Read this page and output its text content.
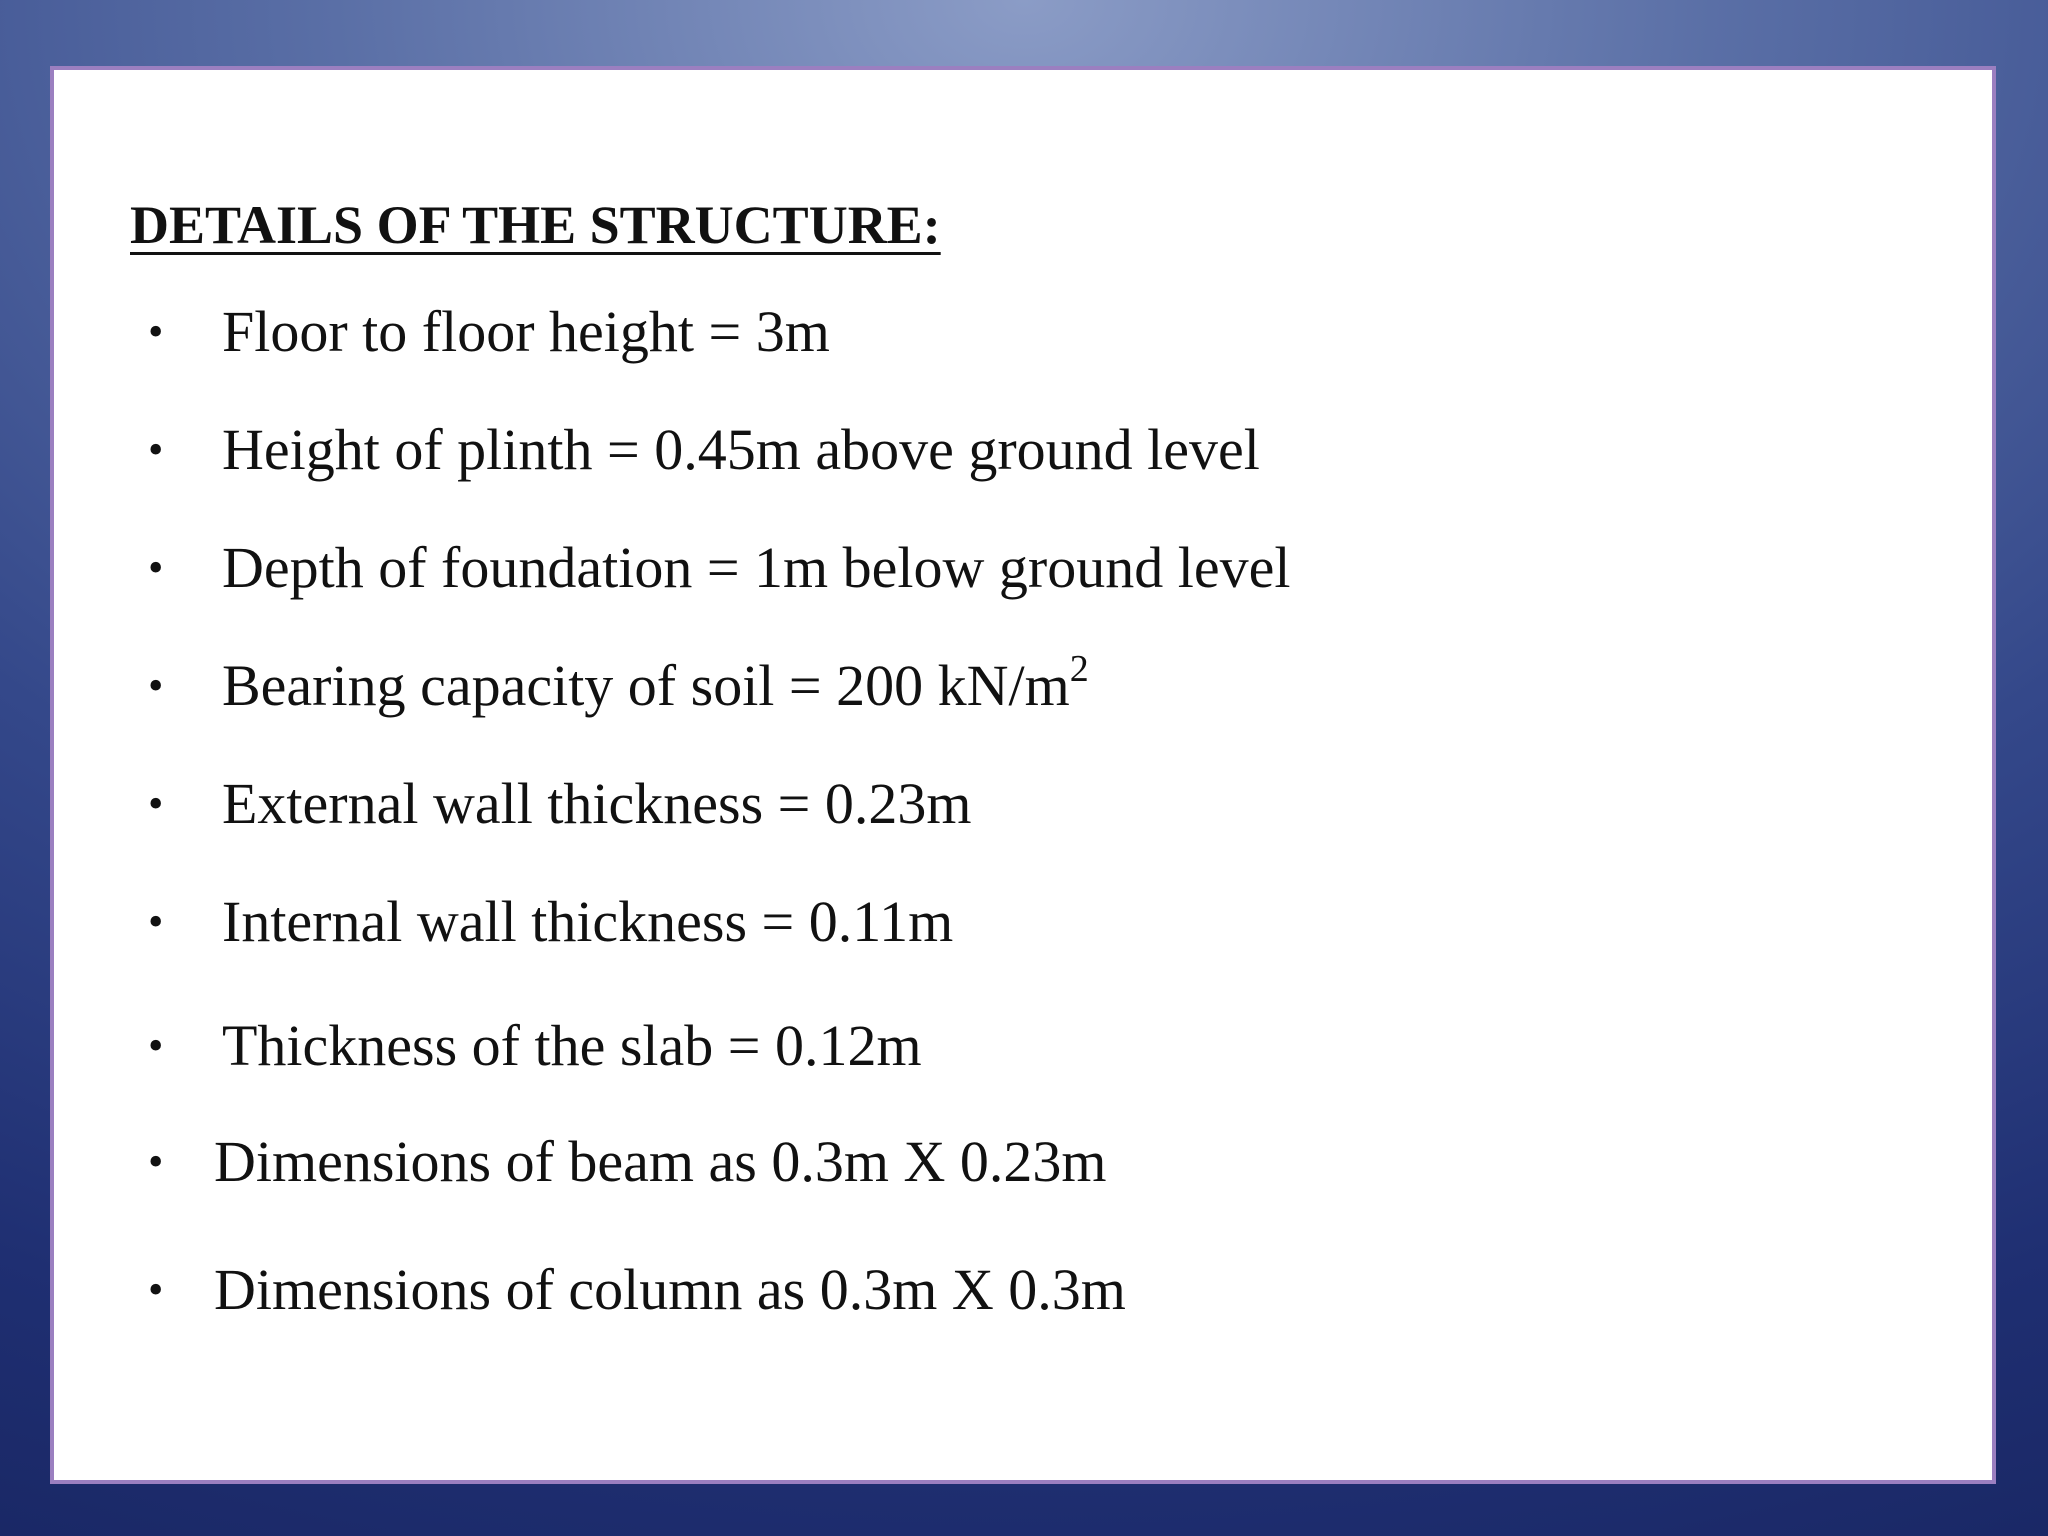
DETAILS OF THE STRUCTURE:
• Floor to floor height = 3m
• Height of plinth = 0.45m above ground level
• Depth of foundation = 1m below ground level
• Bearing capacity of soil = 200 $kN/m^2$
• External wall thickness = 0.23m
• Internal wall thickness = 0.11m
• Thickness of the slab = 0.12m
• Dimensions of beam as 0.3m X 0.23m
• Dimensions of column as 0.3m X 0.3m
